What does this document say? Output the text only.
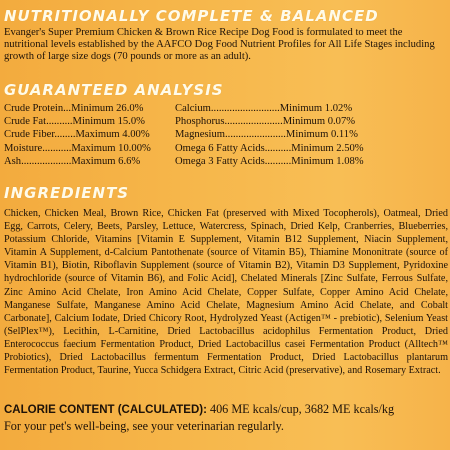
NUTRITIONALLY COMPLETE & BALANCED
Evanger's Super Premium Chicken & Brown Rice Recipe Dog Food is formulated to meet the nutritional levels established by the AAFCO Dog Food Nutrient Profiles for All Life Stages including growth of large size dogs (70 pounds or more as an adult).
GUARANTEED ANALYSIS
Crude Protein...Minimum 26.0%
Crude Fat..........Minimum 15.0%
Crude Fiber........Maximum 4.00%
Moisture...........Maximum 10.00%
Ash...................Maximum 6.6%
Calcium..........................Minimum 1.02%
Phosphorus......................Minimum 0.07%
Magnesium.......................Minimum 0.11%
Omega 6 Fatty Acids..........Minimum 2.50%
Omega 3 Fatty Acids..........Minimum 1.08%
INGREDIENTS
Chicken, Chicken Meal, Brown Rice, Chicken Fat (preserved with Mixed Tocopherols), Oatmeal, Dried Egg, Carrots, Celery, Beets, Parsley, Lettuce, Watercress, Spinach, Dried Kelp, Cranberries, Blueberries, Potassium Chloride, Vitamins [Vitamin E Supplement, Vitamin B12 Supplement, Niacin Supplement, Vitamin A Supplement, d-Calcium Pantothenate (source of Vitamin B5), Thiamine Mononitrate (source of Vitamin B1), Biotin, Riboflavin Supplement (source of Vitamin B2), Vitamin D3 Supplement, Pyridoxine hydrochloride (source of Vitamin B6), and Folic Acid], Chelated Minerals [Zinc Sulfate, Ferrous Sulfate, Zinc Amino Acid Chelate, Iron Amino Acid Chelate, Copper Sulfate, Copper Amino Acid Chelate, Manganese Sulfate, Manganese Amino Acid Chelate, Magnesium Amino Acid Chelate, and Cobalt Carbonate], Calcium Iodate, Dried Chicory Root, Hydrolyzed Yeast (Actigen™ - prebiotic), Selenium Yeast (SelPlex™), Lecithin, L-Carnitine, Dried Lactobacillus acidophilus Fermentation Product, Dried Enterococcus faecium Fermentation Product, Dried Lactobacillus casei Fermentation Product (Alltech™ Probiotics), Dried Lactobacillus fermentum Fermentation Product, Dried Lactobacillus plantarum Fermentation Product, Taurine, Yucca Schidgera Extract, Citric Acid (preservative), and Rosemary Extract.
CALORIE CONTENT (CALCULATED): 406 ME kcals/cup, 3682 ME kcals/kg
For your pet's well-being, see your veterinarian regularly.
